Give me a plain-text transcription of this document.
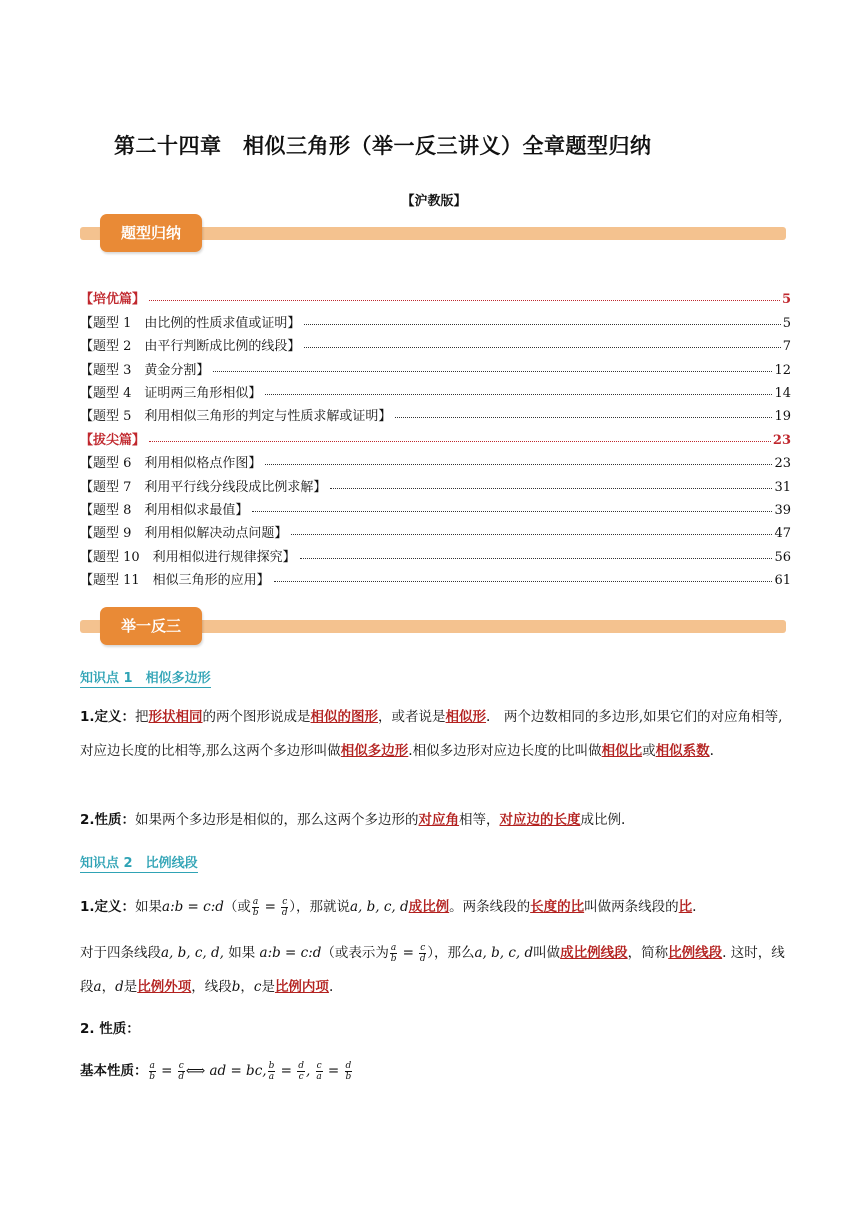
第二十四章　相似三角形（举一反三讲义）全章题型归纳
【沪教版】
题型归纳
【培优篇】	5
【题型 1　由比例的性质求值或证明】	5
【题型 2　由平行判断成比例的线段】	7
【题型 3　黄金分割】	12
【题型 4　证明两三角形相似】	14
【题型 5　利用相似三角形的判定与性质求解或证明】	19
【拔尖篇】	23
【题型 6　利用相似格点作图】	23
【题型 7　利用平行线分线段成比例求解】	31
【题型 8　利用相似求最值】	39
【题型 9　利用相似解决动点问题】	47
【题型 10　利用相似进行规律探究】	56
【题型 11　相似三角形的应用】	61
举一反三
知识点 1　相似多边形
1.定义：把形状相同的两个图形说成是相似的图形，或者说是相似形.　两个边数相同的多边形,如果它们的对应角相等,对应边长度的比相等,那么这两个多边形叫做相似多边形.相似多边形对应边长度的比叫做相似比或相似系数.
2.性质：如果两个多边形是相似的，那么这两个多边形的对应角相等，对应边的长度成比例.
知识点 2　比例线段
1.定义：如果a:b = c:d（或 $\frac{a}{b} = \frac{c}{d}$ ），那就说a, b, c, d成比例。两条线段的长度的比叫做两条线段的比.
对于四条线段a, b, c, d, 如果 a:b = c:d（或表示为 $\frac{a}{b} = \frac{c}{d}$ ），那么a, b, c, d叫做成比例线段，简称比例线段. 这时，线段a，d是比例外项，线段b，c是比例内项.
2. 性质：
基本性质： $\frac{a}{b} = \frac{c}{d}$ ⟺ ad = bc, $\frac{b}{a} = \frac{d}{c}$ , $\frac{c}{a} = \frac{d}{b}$
